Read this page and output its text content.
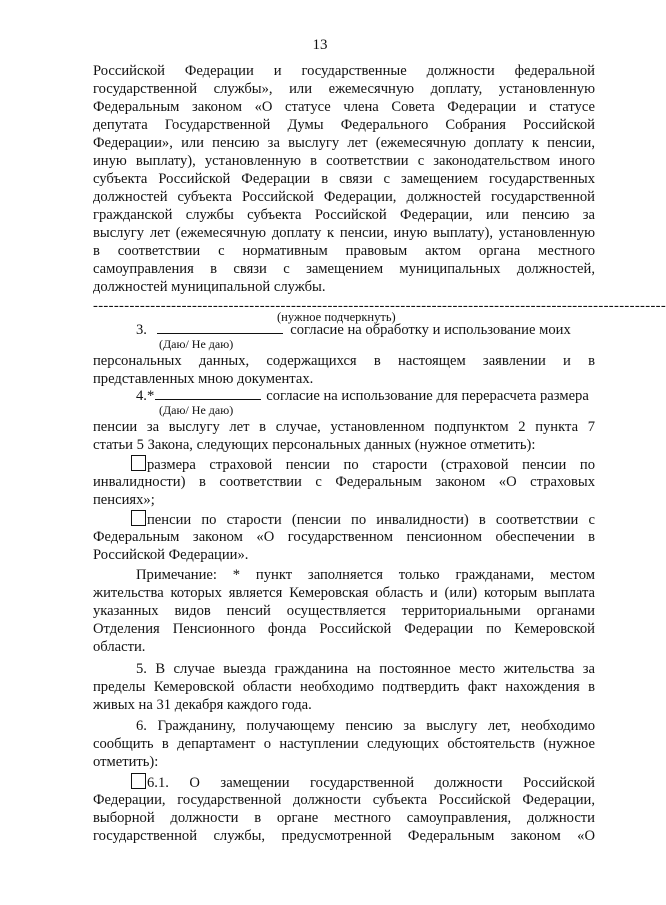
13
Российской Федерации и государственные должности федеральной
государственной службы», или ежемесячную доплату, установленную
Федеральным законом «О статусе члена Совета Федерации и статусе
депутата Государственной Думы Федерального Собрания Российской
Федерации», или пенсию за выслугу лет (ежемесячную доплату к пенсии,
иную выплату), установленную в соответствии с законодательством иного
субъекта Российской Федерации в связи с замещением государственных
должностей субъекта Российской Федерации, должностей государственной
гражданской службы субъекта Российской Федерации, или пенсию за
выслугу лет (ежемесячную доплату к пенсии, иную выплату), установленную
в соответствии с нормативным правовым актом органа местного
самоуправления в связи с замещением муниципальных должностей,
должностей муниципальной службы.
--------------------------------------------------------------------------------------------------------------
(нужное подчеркнуть)
3.	согласие на обработку и использование моих
(Даю/ Не даю)
персональных данных, содержащихся в настоящем заявлении и в
представленных мною документах.
4.*	согласие на использование для перерасчета размера
(Даю/ Не даю)
пенсии за выслугу лет в случае, установленном подпунктом 2 пункта 7
статьи 5 Закона, следующих персональных данных (нужное отметить):
размера страховой пенсии по старости (страховой пенсии по
инвалидности) в соответствии с Федеральным законом «О страховых
пенсиях»;
пенсии по старости (пенсии по инвалидности) в соответствии с
Федеральным законом «О государственном пенсионном обеспечении в
Российской Федерации».
Примечание: * пункт заполняется только гражданами, местом
жительства которых является Кемеровская область и (или) которым выплата
указанных видов пенсий осуществляется территориальными органами
Отделения Пенсионного фонда Российской Федерации по Кемеровской
области.
5. В случае выезда гражданина на постоянное место жительства за
пределы Кемеровской области необходимо подтвердить факт нахождения в
живых на 31 декабря каждого года.
6. Гражданину, получающему пенсию за выслугу лет, необходимо
сообщить в департамент о наступлении следующих обстоятельств (нужное
отметить):
6.1. О замещении государственной должности Российской
Федерации, государственной должности субъекта Российской Федерации,
выборной должности в органе местного самоуправления, должности
государственной службы, предусмотренной Федеральным законом «О
